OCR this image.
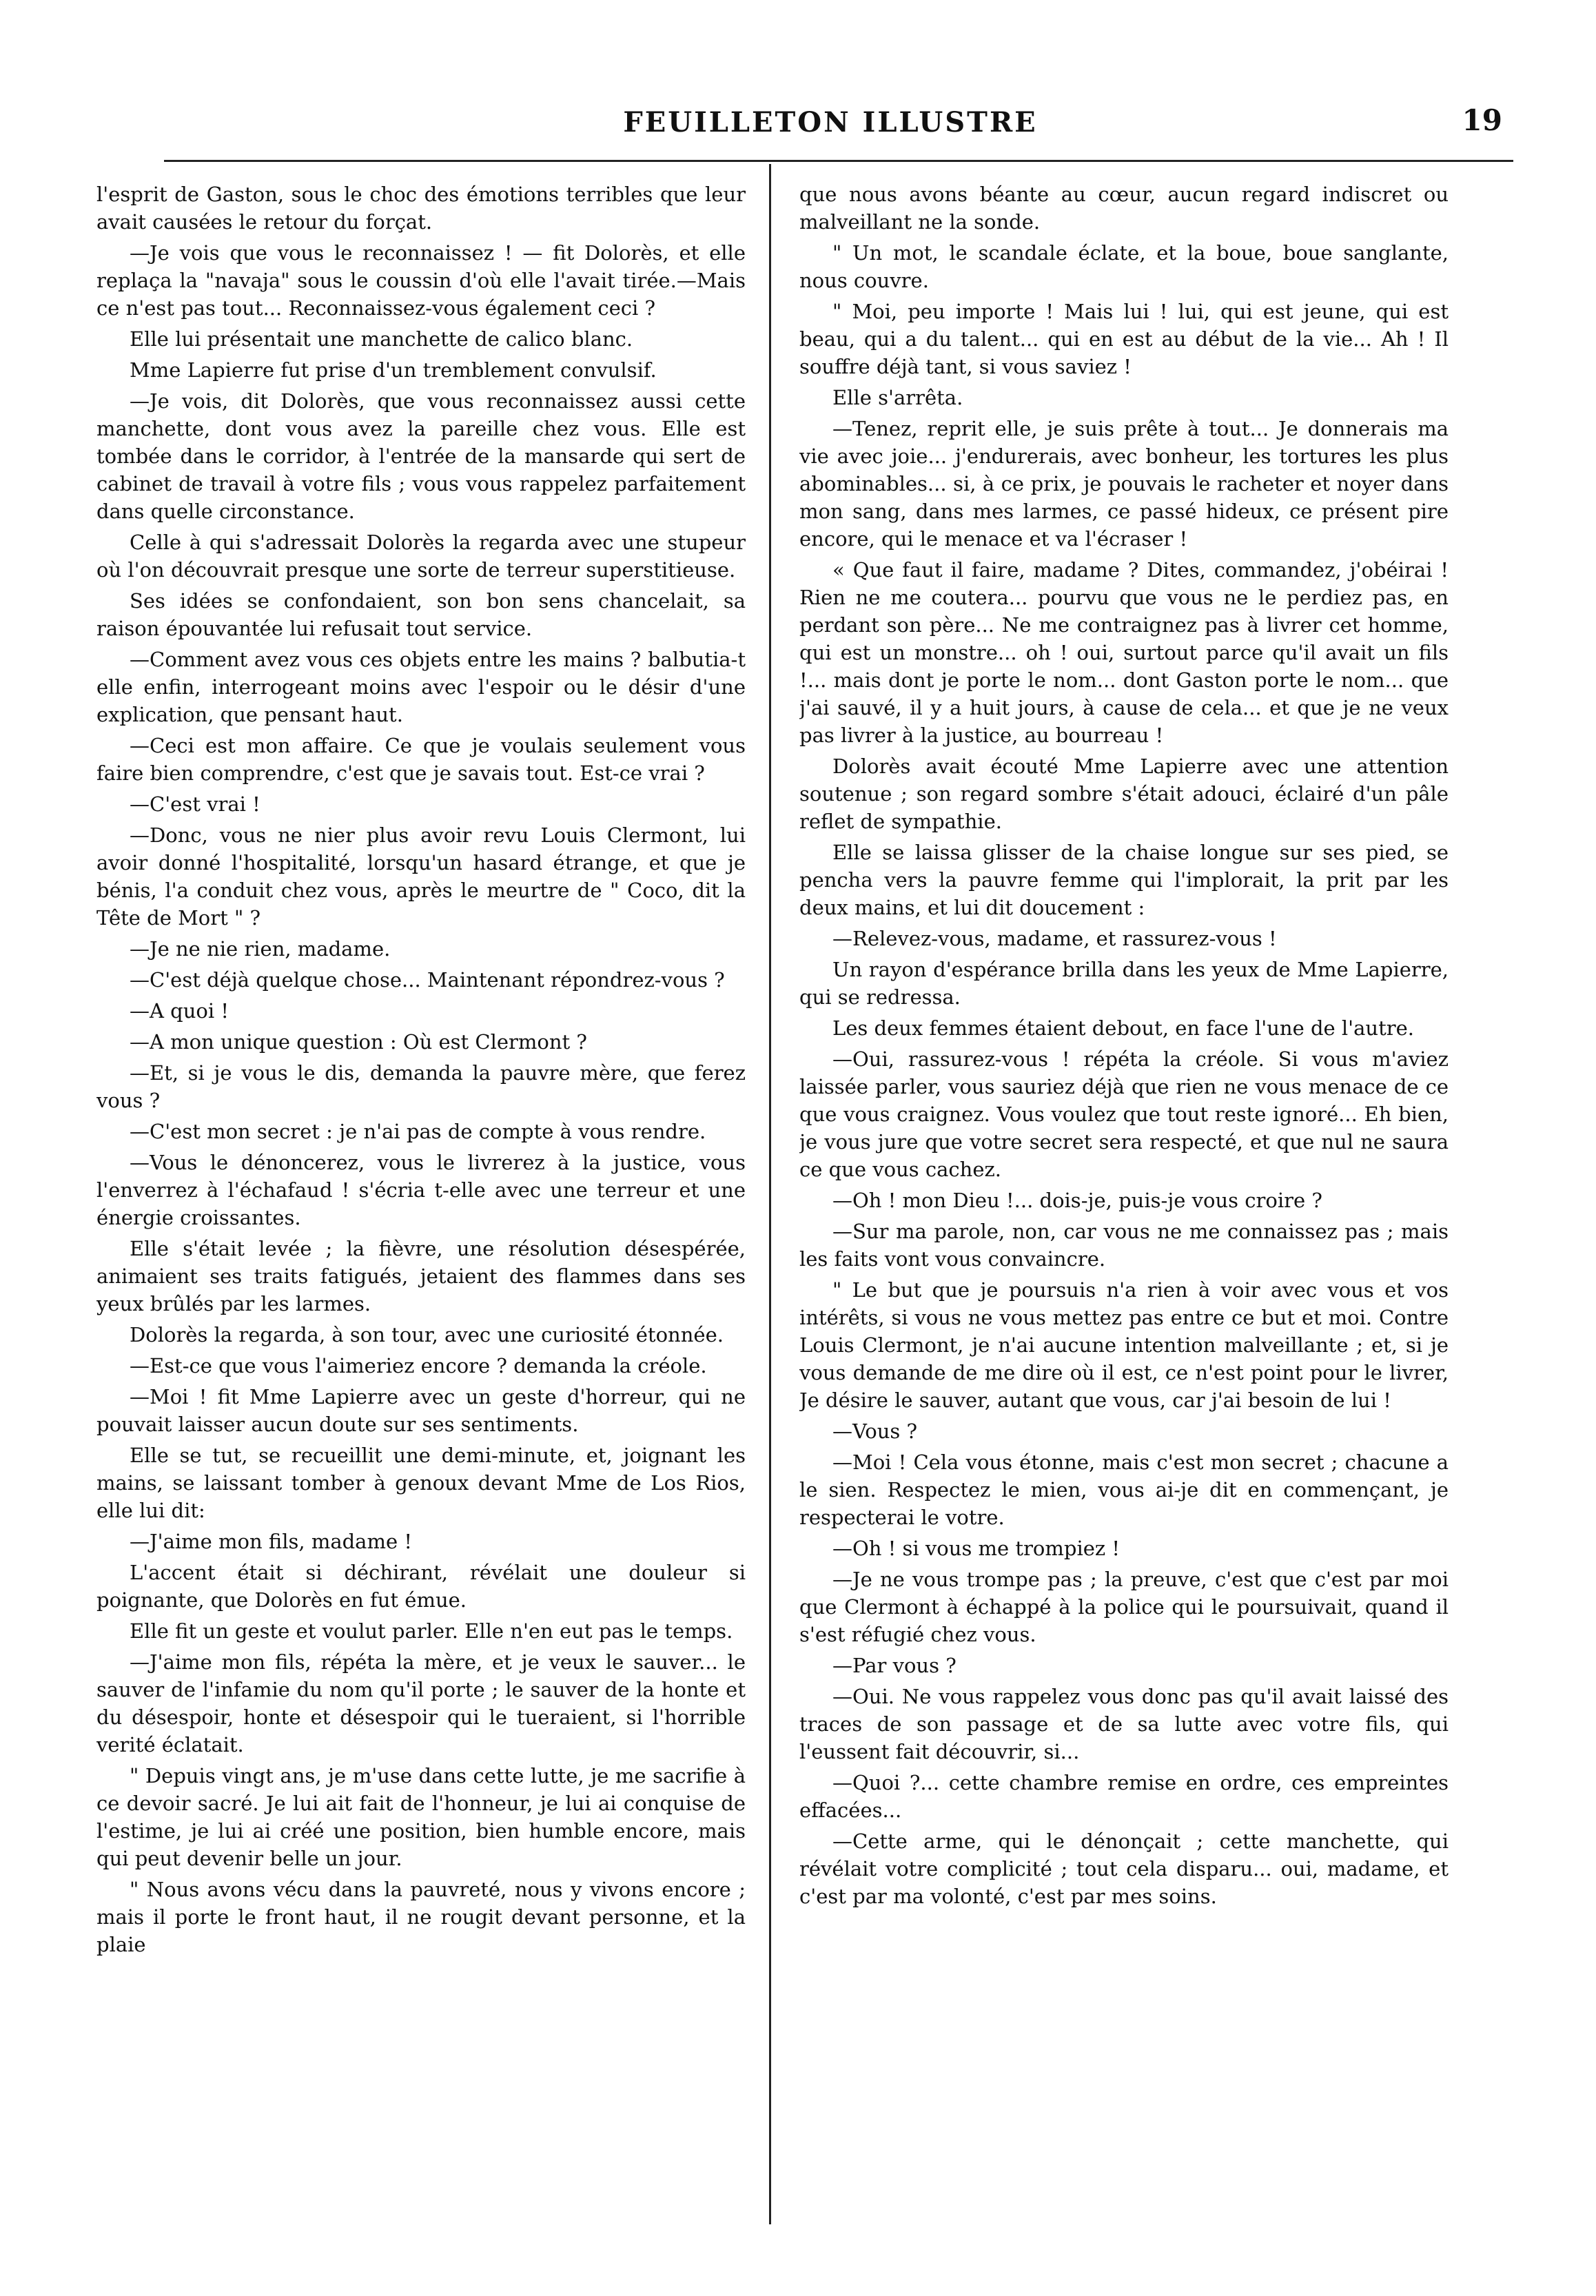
FEUILLETON ILLUSTRE	19

l'esprit de Gaston, sous le choc des émotions terribles que leur avait causées le retour du forçat.

—Je vois que vous le reconnaissez ! — fit Dolorès, et elle replaça la "navaja" sous le coussin d'où elle l'avait tirée.—Mais ce n'est pas tout... Reconnaissez-vous également ceci ?

Elle lui présentait une manchette de calico blanc.

Mme Lapierre fut prise d'un tremblement convulsif.

—Je vois, dit Dolorès, que vous reconnaissez aussi cette manchette, dont vous avez la pareille chez vous. Elle est tombée dans le corridor, à l'entrée de la mansarde qui sert de cabinet de travail à votre fils ; vous vous rappelez parfaitement dans quelle circonstance.

Celle à qui s'adressait Dolorès la regarda avec une stupeur où l'on découvrait presque une sorte de terreur superstitieuse.

Ses idées se confondaient, son bon sens chancelait, sa raison épouvantée lui refusait tout service.

—Comment avez vous ces objets entre les mains ? balbutia-t elle enfin, interrogeant moins avec l'espoir ou le désir d'une explication, que pensant haut.

—Ceci est mon affaire. Ce que je voulais seulement vous faire bien comprendre, c'est que je savais tout. Est-ce vrai ?

—C'est vrai !

—Donc, vous ne nier plus avoir revu Louis Clermont, lui avoir donné l'hospitalité, lorsqu'un hasard étrange, et que je bénis, l'a conduit chez vous, après le meurtre de " Coco, dit la Tête de Mort " ?

—Je ne nie rien, madame.

—C'est déjà quelque chose... Maintenant répondrez-vous ?

—A quoi !

—A mon unique question : Où est Clermont ?

—Et, si je vous le dis, demanda la pauvre mère, que ferez vous ?

—C'est mon secret : je n'ai pas de compte à vous rendre.

—Vous le dénoncerez, vous le livrerez à la justice, vous l'enverrez à l'échafaud ! s'écria t-elle avec une terreur et une énergie croissantes.

Elle s'était levée ; la fièvre, une résolution désespérée, animaient ses traits fatigués, jetaient des flammes dans ses yeux brûlés par les larmes.

Dolorès la regarda, à son tour, avec une curiosité étonnée.

—Est-ce que vous l'aimeriez encore ? demanda la créole.

—Moi ! fit Mme Lapierre avec un geste d'horreur, qui ne pouvait laisser aucun doute sur ses sentiments.

Elle se tut, se recueillit une demi-minute, et, joignant les mains, se laissant tomber à genoux devant Mme de Los Rios, elle lui dit:

—J'aime mon fils, madame !

L'accent était si déchirant, révélait une douleur si poignante, que Dolorès en fut émue.

Elle fit un geste et voulut parler. Elle n'en eut pas le temps.

—J'aime mon fils, répéta la mère, et je veux le sauver... le sauver de l'infamie du nom qu'il porte ; le sauver de la honte et du désespoir, honte et désespoir qui le tueraient, si l'horrible verité éclatait.

" Depuis vingt ans, je m'use dans cette lutte, je me sacrifie à ce devoir sacré. Je lui ait fait de l'honneur, je lui ai conquise de l'estime, je lui ai créé une position, bien humble encore, mais qui peut devenir belle un jour.

" Nous avons vécu dans la pauvreté, nous y vivons encore ; mais il porte le front haut, il ne rougit devant personne, et la plaie

que nous avons béante au cœur, aucun regard indiscret ou malveillant ne la sonde.

" Un mot, le scandale éclate, et la boue, boue sanglante, nous couvre.

" Moi, peu importe ! Mais lui ! lui, qui est jeune, qui est beau, qui a du talent... qui en est au début de la vie... Ah ! Il souffre déjà tant, si vous saviez !

Elle s'arrêta.

—Tenez, reprit elle, je suis prête à tout... Je donnerais ma vie avec joie... j'endurerais, avec bonheur, les tortures les plus abominables... si, à ce prix, je pouvais le racheter et noyer dans mon sang, dans mes larmes, ce passé hideux, ce présent pire encore, qui le menace et va l'écraser !

« Que faut il faire, madame ? Dites, commandez, j'obéirai ! Rien ne me coutera... pourvu que vous ne le perdiez pas, en perdant son père... Ne me contraignez pas à livrer cet homme, qui est un monstre... oh ! oui, surtout parce qu'il avait un fils !... mais dont je porte le nom... dont Gaston porte le nom... que j'ai sauvé, il y a huit jours, à cause de cela... et que je ne veux pas livrer à la justice, au bourreau !

Dolorès avait écouté Mme Lapierre avec une attention soutenue ; son regard sombre s'était adouci, éclairé d'un pâle reflet de sympathie.

Elle se laissa glisser de la chaise longue sur ses pied, se pencha vers la pauvre femme qui l'implorait, la prit par les deux mains, et lui dit doucement :

—Relevez-vous, madame, et rassurez-vous !

Un rayon d'espérance brilla dans les yeux de Mme Lapierre, qui se redressa.

Les deux femmes étaient debout, en face l'une de l'autre.

—Oui, rassurez-vous ! répéta la créole. Si vous m'aviez laissée parler, vous sauriez déjà que rien ne vous menace de ce que vous craignez. Vous voulez que tout reste ignoré... Eh bien, je vous jure que votre secret sera respecté, et que nul ne saura ce que vous cachez.

—Oh ! mon Dieu !... dois-je, puis-je vous croire ?

—Sur ma parole, non, car vous ne me connaissez pas ; mais les faits vont vous convaincre.

" Le but que je poursuis n'a rien à voir avec vous et vos intérêts, si vous ne vous mettez pas entre ce but et moi. Contre Louis Clermont, je n'ai aucune intention malveillante ; et, si je vous demande de me dire où il est, ce n'est point pour le livrer, Je désire le sauver, autant que vous, car j'ai besoin de lui !

—Vous ?

—Moi ! Cela vous étonne, mais c'est mon secret ; chacune a le sien. Respectez le mien, vous ai-je dit en commençant, je respecterai le votre.

—Oh ! si vous me trompiez !

—Je ne vous trompe pas ; la preuve, c'est que c'est par moi que Clermont à échappé à la police qui le poursuivait, quand il s'est réfugié chez vous.

—Par vous ?

—Oui. Ne vous rappelez vous donc pas qu'il avait laissé des traces de son passage et de sa lutte avec votre fils, qui l'eussent fait découvrir, si...

—Quoi ?... cette chambre remise en ordre, ces empreintes effacées...

—Cette arme, qui le dénonçait ; cette manchette, qui révélait votre complicité ; tout cela disparu... oui, madame, et c'est par ma volonté, c'est par mes soins.
